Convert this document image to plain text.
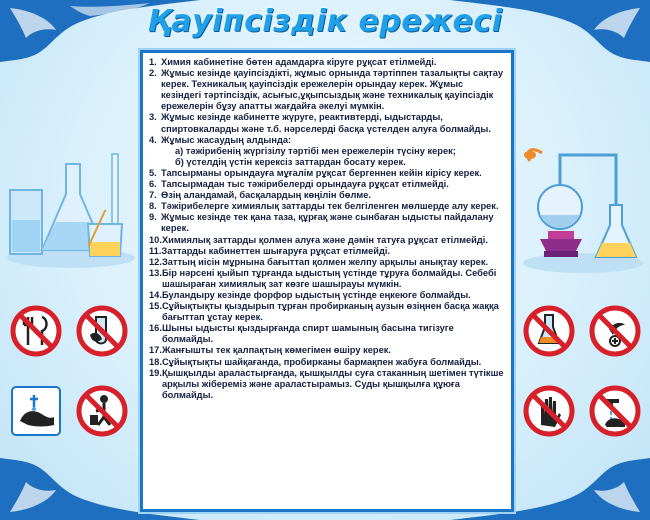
Қауіпсіздік ережесі
1. Химия кабинетіне бөтен адамдарға кіруге рұқсат етілмейді.
2. Жұмыс кезінде қауіпсіздікті, жұмыс орнында тәртіппен тазалықты сақтау керек. Техникалық қауіпсіздік ережелерін орындау керек. Жұмыс кезіндегі тәртіпсіздік, асығыс,ұқыпсыздық және техникалық қауіпсіздік ережелерін бұзу апатты жағдайға әкелуі мүмкін.
3. Жұмыс кезінде кабинетте жүруге, реактивтерді, ыдыстарды, спиртовкаларды және т.б. нәрселерді басқа үстелден алуға болмайды.
4. Жұмыс жасаудың алдында:
а) тәжірибенің жүргізілу тәртібі мен ережелерін түсіну керек;
б) үстелдің үстін керексіз заттардан босату керек.
5. Тапсырманы орындауға мұғалім рұқсат бергеннен кейін кірісу керек.
6. Тапсырмадан тыс тәжірибелерді орындауға рұқсат етілмейді.
7. Өзің аландамай, басқалардың көңілін бөлме.
8. Тәжірибелерге химиялық заттарды тек белгіленген мөлшерде алу керек.
9. Жұмыс кезінде тек қана таза, құрғақ және сынбаған ыдысты пайдалану керек.
10. Химиялық заттарды қолмен алуға және дәмін татуға рұқсат етілмейді.
11. Заттарды кабинеттен шығаруға рұқсат етілмейді.
12. Заттың иісін мұрнына бағыттап қолмен желпу арқылы анықтау керек.
13. Бір нәрсені қыйып тұрғанда ыдыстың үстінде тұруға болмайды. Себебі шашыраған химиялық зат көзге шашырауы мүмкін.
14. Буландыру кезінде форфор ыдыстың үстінде еңкеюге болмайды.
15. Сұйықтықты қыздырып тұрған пробирканың аузын өзіңнен басқа жаққа бағыттап ұстау керек.
16. Шыны ыдысты қыздырғанда спирт шамының басына тигізуге болмайды.
17. Жанғышты тек қалпақтың көмегімен өшіру керек.
18. Сұйықтықты шайқағанда, пробирканы бармақпен жабуға болмайды.
19. Қышқылды араластырғанда, қышқылды суға стаканның шетімен түтікше арқылы жібереміз және араластырамыз. Суды қышқылға құюға болмайды.
